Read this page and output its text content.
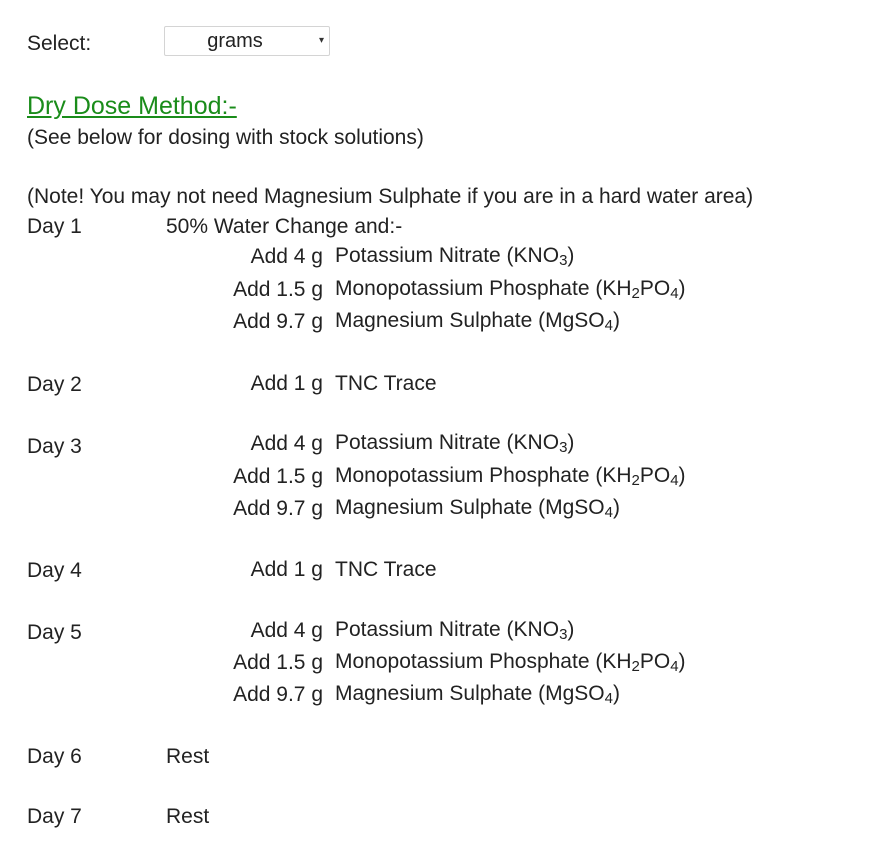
Select:	grams	▾
Dry Dose Method:-
(See below for dosing with stock solutions)
(Note! You may not need Magnesium Sulphate if you are in a hard water area)
Day 1	50% Water Change and:-
Add 4 g Potassium Nitrate $(KNO_3)$
Add 1.5 g Monopotassium Phosphate $(KH_2PO_4)$
Add 9.7 g Magnesium Sulphate (MgSO$_4$)
Day 2	Add 1 g TNC Trace
Day 3	Add 4 g Potassium Nitrate $(KNO_3)$
Add 1.5 g Monopotassium Phosphate $(KH_2PO_4)$
Add 9.7 g Magnesium Sulphate (MgSO$_4$)
Day 4	Add 1 g TNC Trace
Day 5	Add 4 g Potassium Nitrate $(KNO_3)$
Add 1.5 g Monopotassium Phosphate $(KH_2PO_4)$
Add 9.7 g Magnesium Sulphate (MgSO$_4$)
Day 6	Rest
Day 7	Rest
